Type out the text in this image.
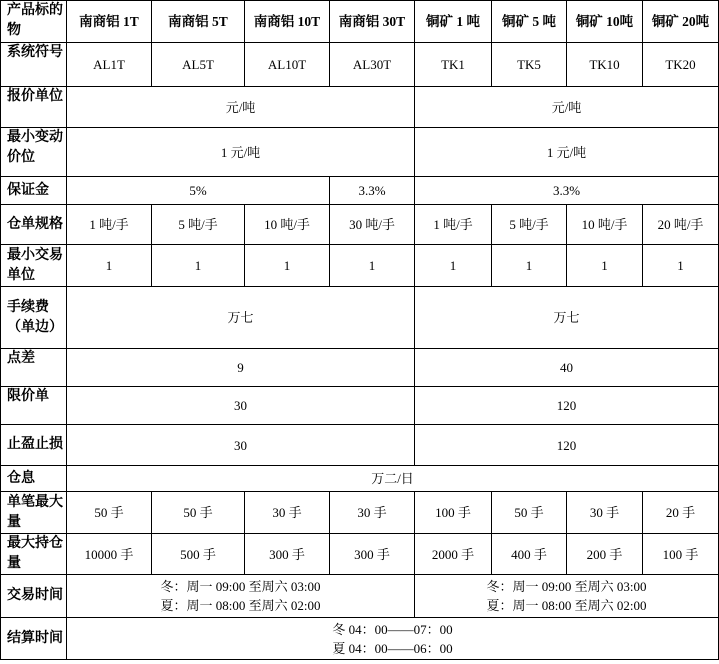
产品标的物	南商铝 1T	南商铝 5T	南商铝 10T	南商铝 30T	铜矿 1 吨	铜矿 5 吨	铜矿 10吨	铜矿 20吨
系统符号	AL1T	AL5T	AL10T	AL30T	TK1	TK5	TK10	TK20
报价单位	元/吨				元/吨			
最小变动价位	1 元/吨				1 元/吨			
保证金	5%			3.3%	3.3%			
仓单规格	1 吨/手	5 吨/手	10 吨/手	30 吨/手	1 吨/手	5 吨/手	10 吨/手	20 吨/手
最小交易单位	1	1	1	1	1	1	1	1
手续费（单边）	万七				万七			
点差	9				40			
限价单	30				120			
止盈止损	30				120			
仓息	万二/日							
单笔最大量	50 手	50 手	30 手	30 手	100 手	50 手	30 手	20 手
最大持仓量	10000 手	500 手	300 手	300 手	2000 手	400 手	200 手	100 手
交易时间	冬：周一 09:00 至周六 03:00
夏：周一 08:00 至周六 02:00				冬：周一 09:00 至周六 03:00
夏：周一 08:00 至周六 02:00			

结算时间	冬 04：00——07：00
夏 04：00——06：00							
